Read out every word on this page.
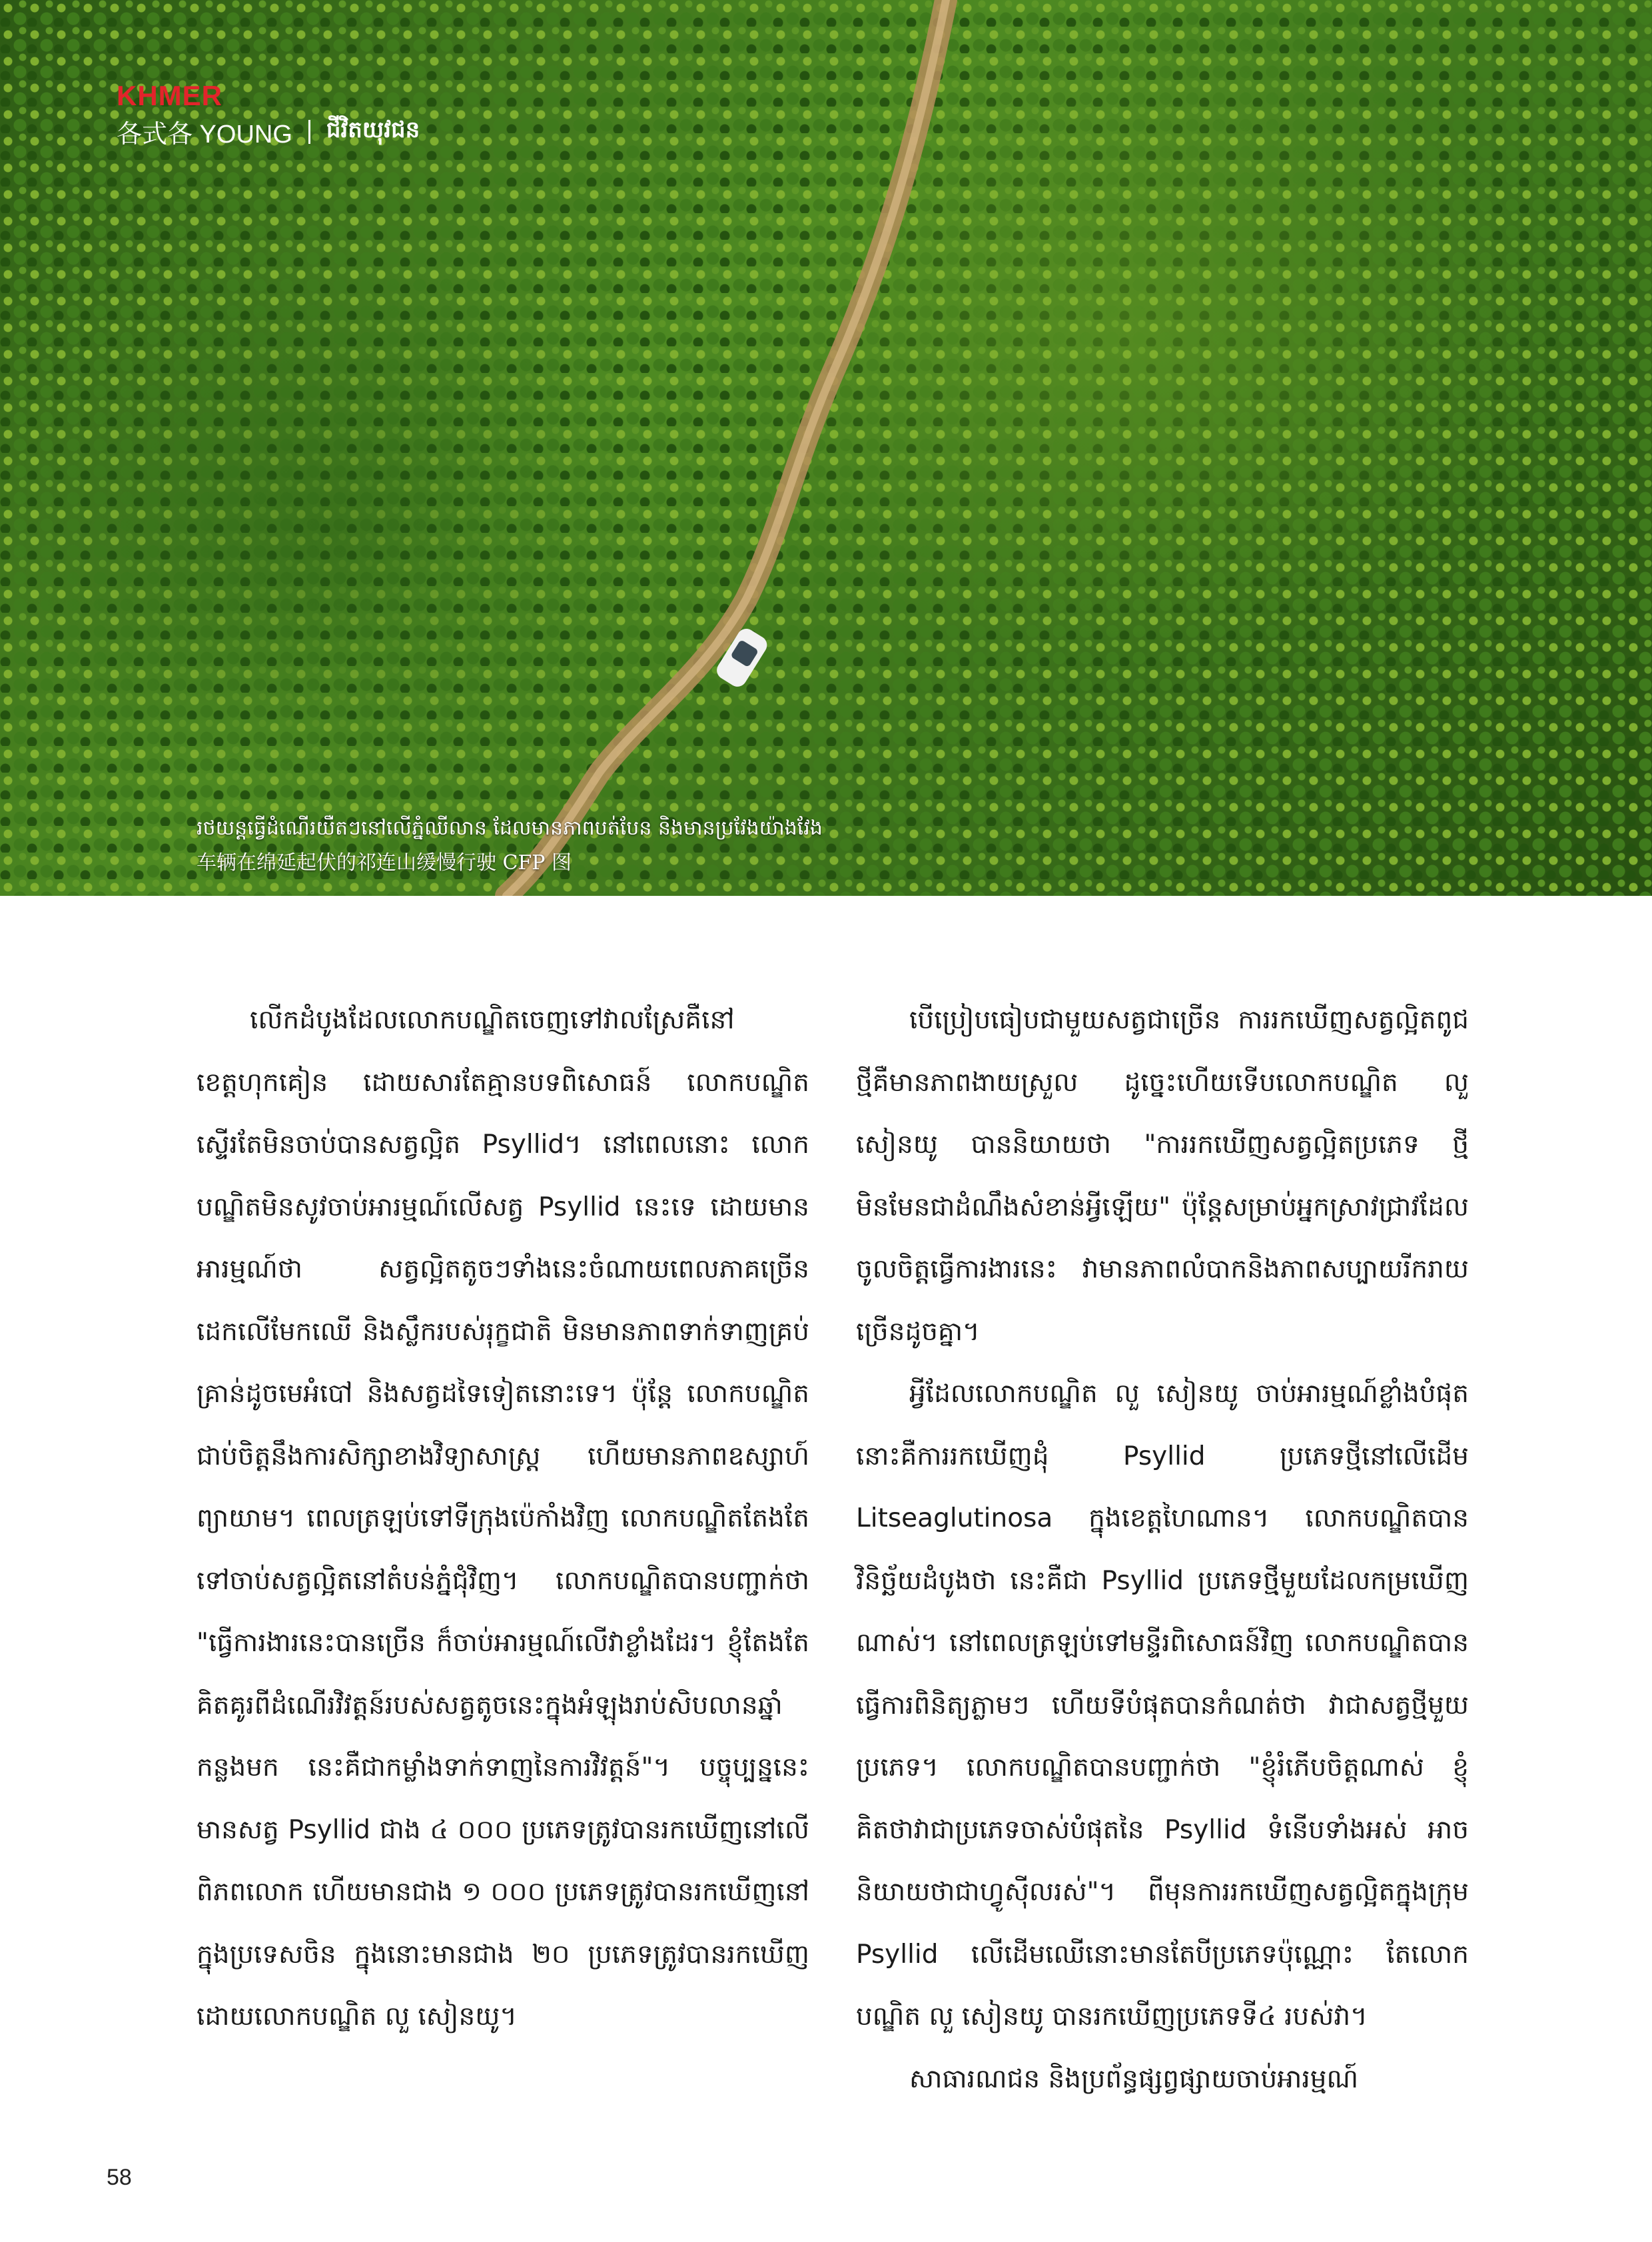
KHMER
各式各 YOUNG ជីវិតយុវជន
រថយន្តធ្វើដំណើរយឺតៗនៅលើភ្នំឈីលាន ដែលមានភាពបត់បែន និងមានប្រវែងយ៉ាងវែង
车辆在绵延起伏的祁连山缓慢行驶 CFP 图

លើកដំបូងដែលលោកបណ្ឌិតចេញទៅវាលស្រែគឺនៅខេត្តហុកគៀន ដោយសារតែគ្មានបទពិសោធន៍ លោកបណ្ឌិតស្ទើរតែមិនចាប់បានសត្វល្អិត Psyllid។ នៅពេលនោះ លោកបណ្ឌិតមិនសូវចាប់អារម្មណ៍លើសត្វ Psyllid នេះទេ ដោយមានអារម្មណ៍ថា សត្វល្អិតតូចៗទាំងនេះចំណាយពេលភាគច្រើនដេកលើមែកឈើ និងស្លឹករបស់រុក្ខជាតិ មិនមានភាពទាក់ទាញគ្រប់គ្រាន់ដូចមេអំបៅ និងសត្វដទៃទៀតនោះទេ។ ប៉ុន្តែ លោកបណ្ឌិតជាប់ចិត្តនឹងការសិក្សាខាងវិទ្យាសាស្ត្រ ហើយមានភាពឧស្សាហ៍ព្យាយាម។ ពេលត្រឡប់ទៅទីក្រុងប៉េកាំងវិញ លោកបណ្ឌិតតែងតែទៅចាប់សត្វល្អិតនៅតំបន់ភ្នំជុំវិញ។ លោកបណ្ឌិតបានបញ្ជាក់ថា "ធ្វើការងារនេះបានច្រើន ក៏ចាប់អារម្មណ៍លើវាខ្លាំងដែរ។ ខ្ញុំតែងតែគិតគូរពីដំណើរវិវត្តន៍របស់សត្វតូចនេះក្នុងអំឡុងរាប់សិបលានឆ្នាំកន្លងមក នេះគឺជាកម្លាំងទាក់ទាញនៃការវិវត្តន៍"។ បច្ចុប្បន្ននេះ មានសត្វ Psyllid ជាង ៤ ០០០ ប្រភេទត្រូវបានរកឃើញនៅលើពិភពលោក ហើយមានជាង ១ ០០០ ប្រភេទត្រូវបានរកឃើញនៅក្នុងប្រទេសចិន ក្នុងនោះមានជាង ២០ ប្រភេទត្រូវបានរកឃើញដោយលោកបណ្ឌិត លួ សៀនយូ។

បើប្រៀបធៀបជាមួយសត្វជាច្រើន ការរកឃើញសត្វល្អិតពូជថ្មីគឺមានភាពងាយស្រួល ដូច្នេះហើយទើបលោកបណ្ឌិត លួ សៀនយូ បាននិយាយថា "ការរកឃើញសត្វល្អិតប្រភេទ ថ្មីមិនមែនជាដំណឹងសំខាន់អ្វីឡើយ" ប៉ុន្តែសម្រាប់អ្នកស្រាវជ្រាវដែលចូលចិត្តធ្វើការងារនេះ វាមានភាពលំបាកនិងភាពសប្បាយរីករាយច្រើនដូចគ្នា។

អ្វីដែលលោកបណ្ឌិត លួ សៀនយូ ចាប់អារម្មណ៍ខ្លាំងបំផុតនោះគឺការរកឃើញដុំ Psyllid ប្រភេទថ្មីនៅលើដើម Litseaglutinosa ក្នុងខេត្តហៃណាន។ លោកបណ្ឌិតបានវិនិច្ឆ័យដំបូងថា នេះគឺជា Psyllid ប្រភេទថ្មីមួយដែលកម្រឃើញណាស់។ នៅពេលត្រឡប់ទៅមន្ទីរពិសោធន៍វិញ លោកបណ្ឌិតបានធ្វើការពិនិត្យភ្លាមៗ ហើយទីបំផុតបានកំណត់ថា វាជាសត្វថ្មីមួយប្រភេទ។ លោកបណ្ឌិតបានបញ្ជាក់ថា "ខ្ញុំរំភើបចិត្តណាស់ ខ្ញុំគិតថាវាជាប្រភេទចាស់បំផុតនៃ Psyllid ទំនើបទាំងអស់ អាចនិយាយថាជាហ្វូស៊ីលរស់"។ ពីមុនការរកឃើញសត្វល្អិតក្នុងក្រុម Psyllid លើដើមឈើនោះមានតែបីប្រភេទប៉ុណ្ណោះ តែលោកបណ្ឌិត លួ សៀនយូ បានរកឃើញប្រភេទទី៤ របស់វា។

សាធារណជន និងប្រព័ន្ធផ្សព្វផ្សាយចាប់អារម្មណ៍

58
